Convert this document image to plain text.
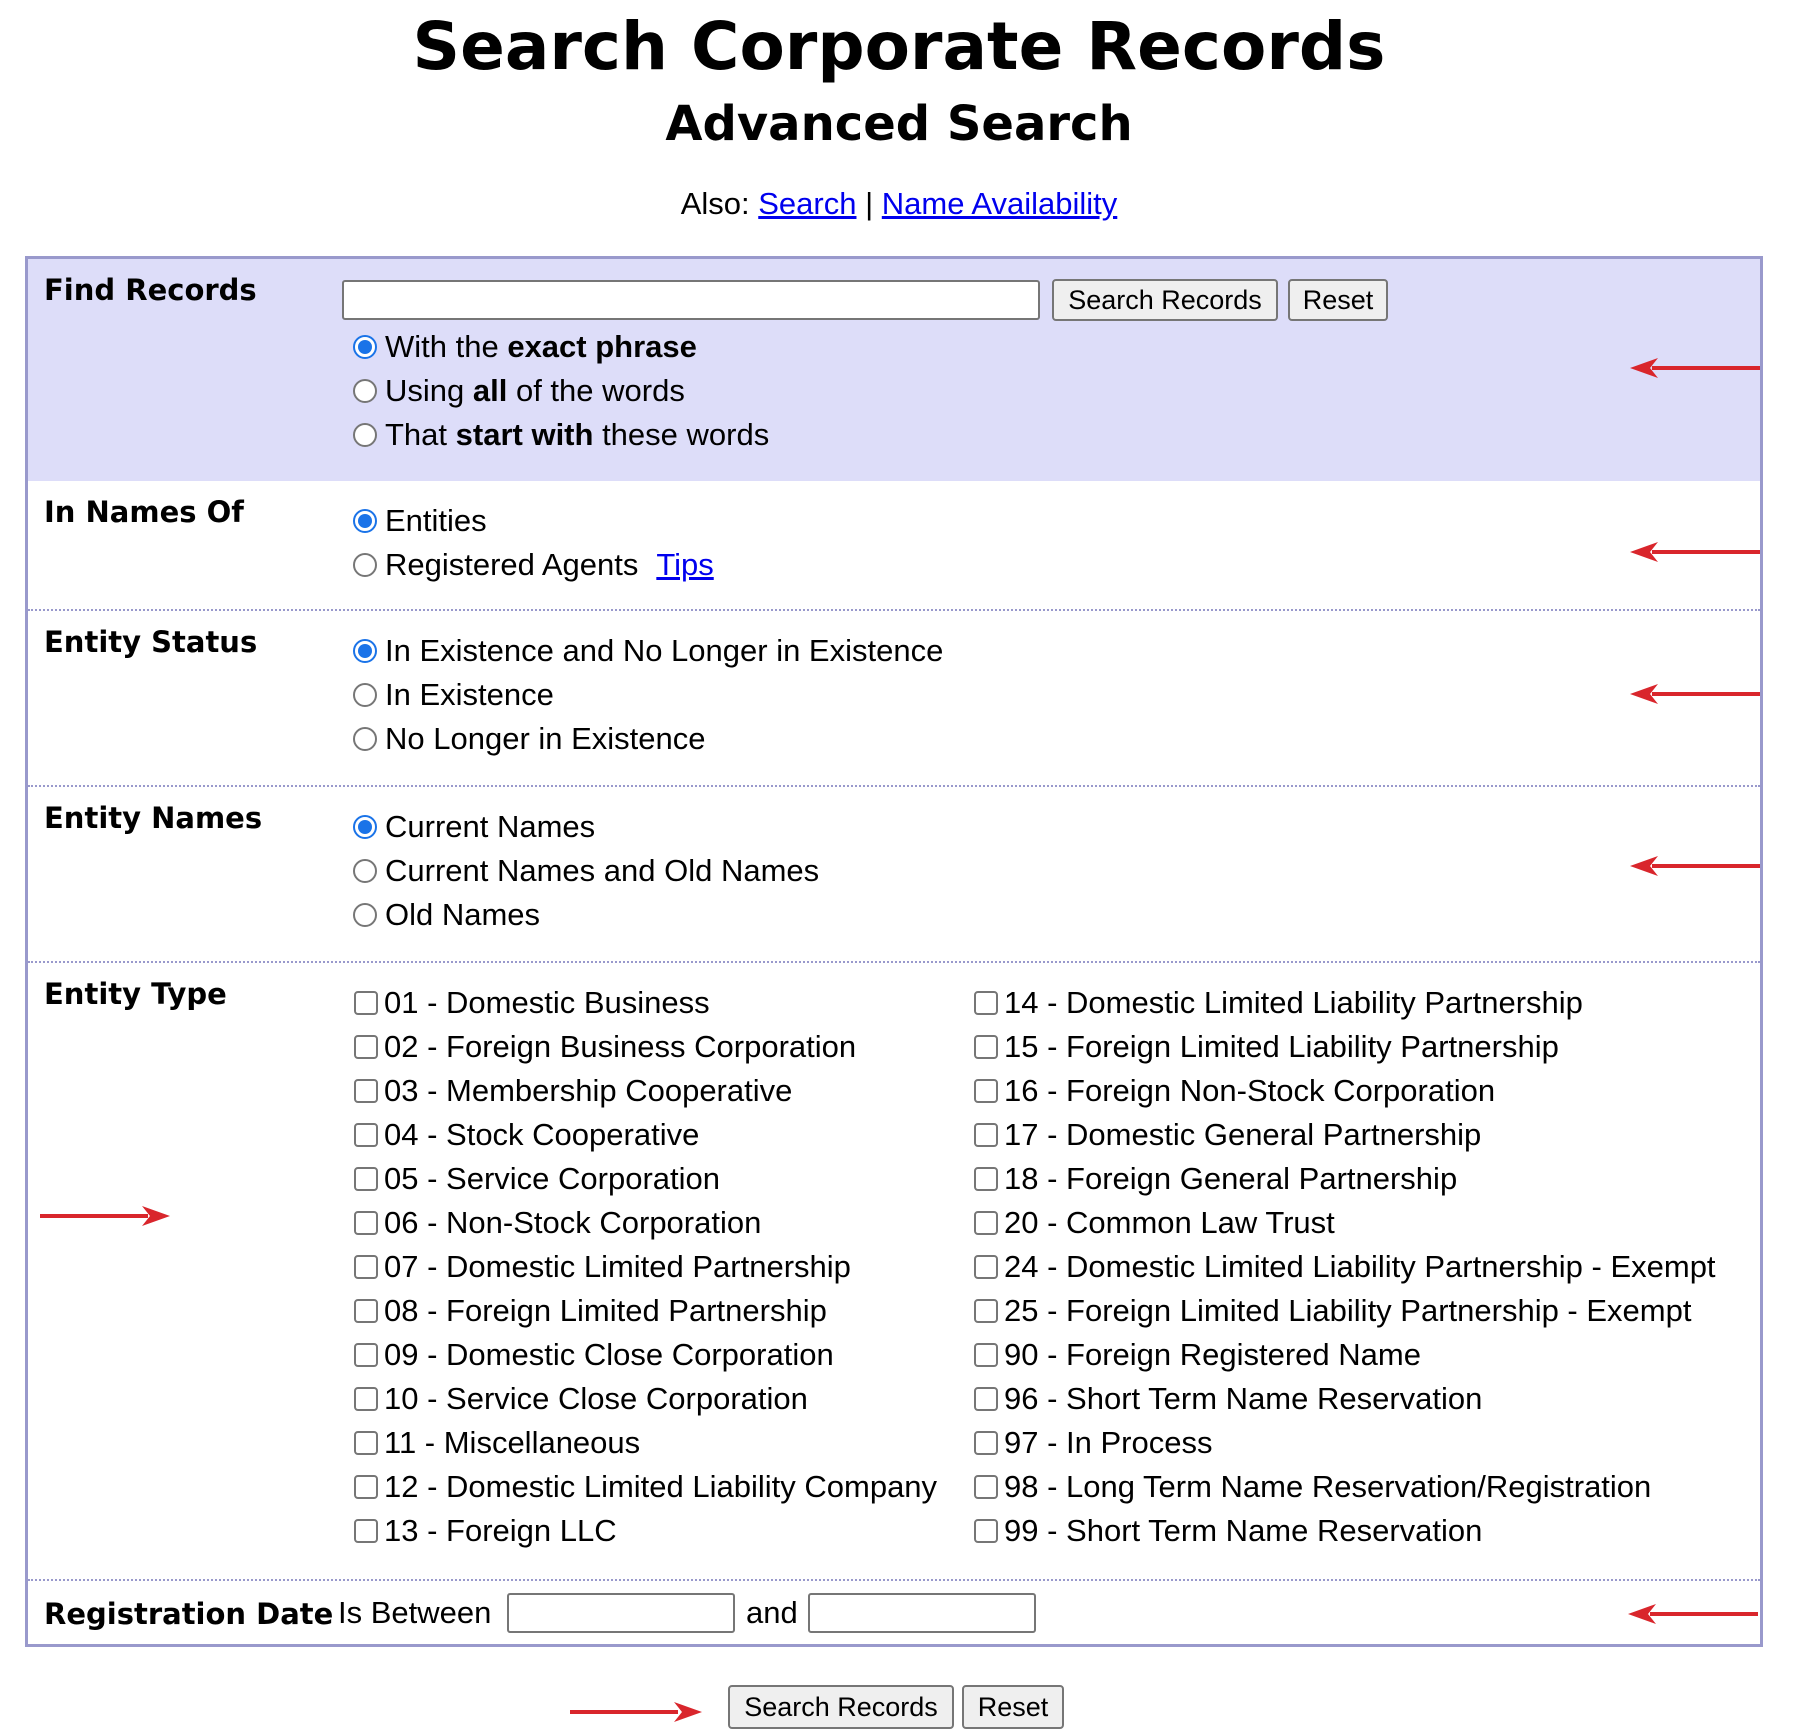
Search Corporate Records
Advanced Search
Also: Search | Name Availability
Find Records	Search Records	Reset
With the exact phrase
Using all of the words
That start with these words
In Names Of	Entities
Registered Agents Tips
Entity Status	In Existence and No Longer in Existence
In Existence
No Longer in Existence
Entity Names	Current Names
Current Names and Old Names
Old Names
Entity Type	01 - Domestic Business
02 - Foreign Business Corporation
03 - Membership Cooperative
04 - Stock Cooperative
05 - Service Corporation
06 - Non-Stock Corporation
07 - Domestic Limited Partnership
08 - Foreign Limited Partnership
09 - Domestic Close Corporation
10 - Service Close Corporation
11 - Miscellaneous
12 - Domestic Limited Liability Company
13 - Foreign LLC
14 - Domestic Limited Liability Partnership
15 - Foreign Limited Liability Partnership
16 - Foreign Non-Stock Corporation
17 - Domestic General Partnership
18 - Foreign General Partnership
20 - Common Law Trust
24 - Domestic Limited Liability Partnership - Exempt
25 - Foreign Limited Liability Partnership - Exempt
90 - Foreign Registered Name
96 - Short Term Name Reservation
97 - In Process
98 - Long Term Name Reservation/Registration
99 - Short Term Name Reservation
Registration Date Is Between	and
Search Records	Reset
